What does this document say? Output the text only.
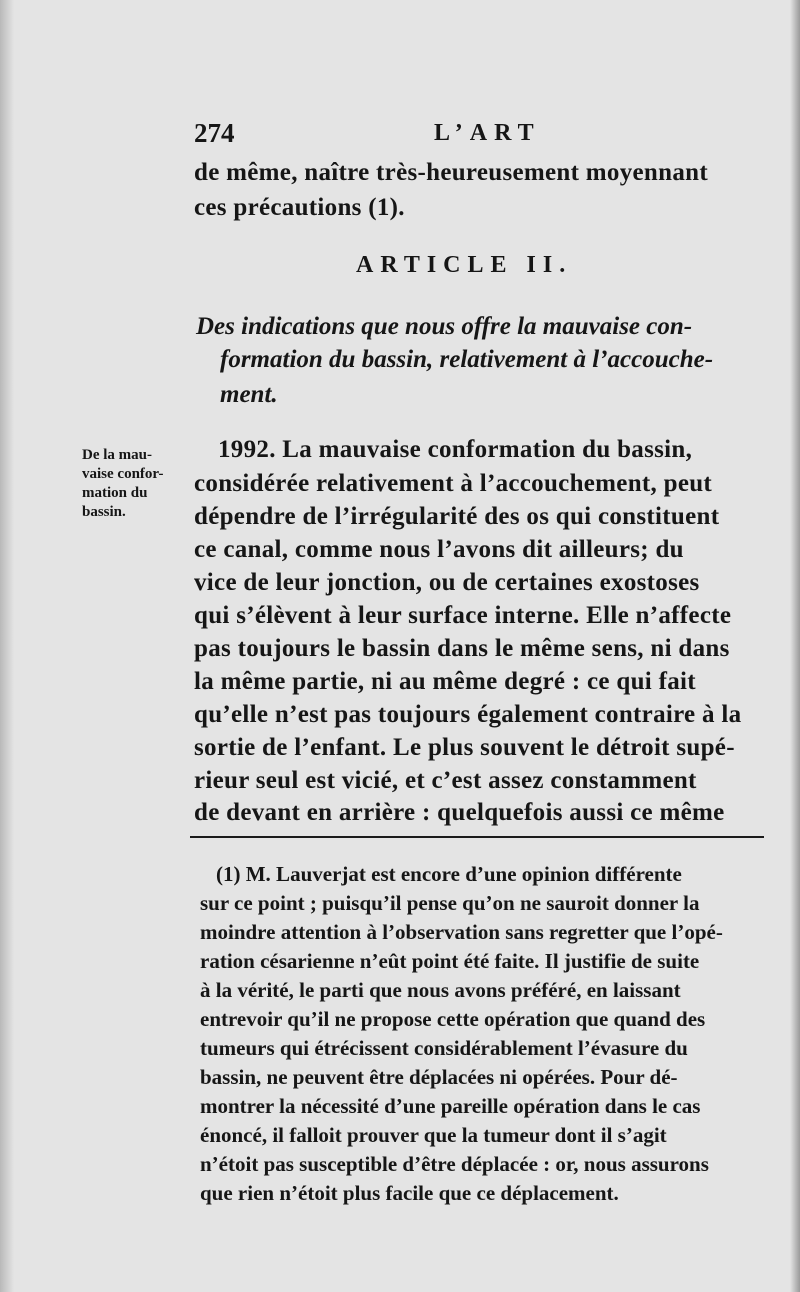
274	L’ART
de même, naître très-heureusement moyennant
ces précautions (1).
ARTICLE II.
Des indications que nous offre la mauvaise con-
formation du bassin, relativement à l’accouche-
ment.
De la mau-
vaise confor-
mation du
bassin.
1992. La mauvaise conformation du bassin,
considérée relativement à l’accouchement, peut
dépendre de l’irrégularité des os qui constituent
ce canal, comme nous l’avons dit ailleurs; du
vice de leur jonction, ou de certaines exostoses
qui s’élèvent à leur surface interne. Elle n’affecte
pas toujours le bassin dans le même sens, ni dans
la même partie, ni au même degré : ce qui fait
qu’elle n’est pas toujours également contraire à la
sortie de l’enfant. Le plus souvent le détroit supé-
rieur seul est vicié, et c’est assez constamment
de devant en arrière : quelquefois aussi ce même
(1) M. Lauverjat est encore d’une opinion différente
sur ce point ; puisqu’il pense qu’on ne sauroit donner la
moindre attention à l’observation sans regretter que l’opé-
ration césarienne n’eût point été faite. Il justifie de suite
à la vérité, le parti que nous avons préféré, en laissant
entrevoir qu’il ne propose cette opération que quand des
tumeurs qui étrécissent considérablement l’évasure du
bassin, ne peuvent être déplacées ni opérées. Pour dé-
montrer la nécessité d’une pareille opération dans le cas
énoncé, il falloit prouver que la tumeur dont il s’agit
n’étoit pas susceptible d’être déplacée : or, nous assurons
que rien n’étoit plus facile que ce déplacement.
